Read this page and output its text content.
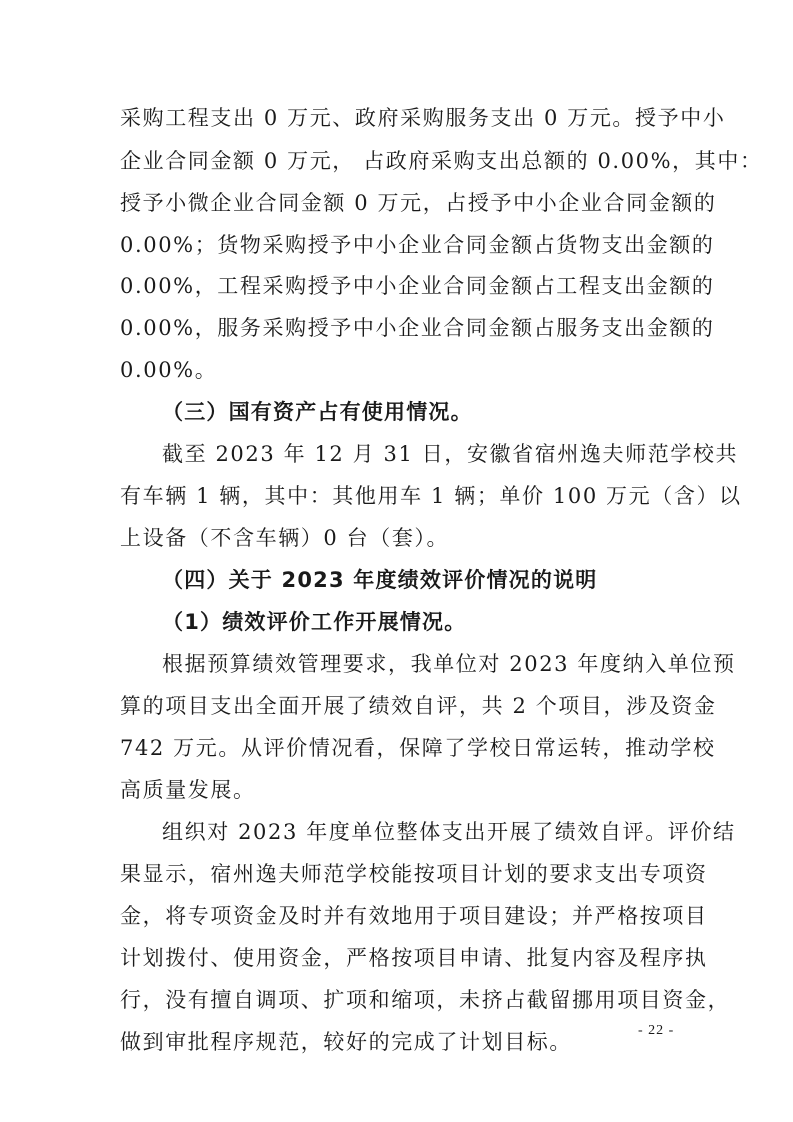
采购工程支出 0 万元、政府采购服务支出 0 万元。授予中小
企业合同金额 0 万元， 占政府采购支出总额的 0.00%，其中：
授予小微企业合同金额 0 万元，占授予中小企业合同金额的
0.00%；货物采购授予中小企业合同金额占货物支出金额的
0.00%，工程采购授予中小企业合同金额占工程支出金额的
0.00%，服务采购授予中小企业合同金额占服务支出金额的
0.00%。
（三）国有资产占有使用情况。
截至 2023 年 12 月 31 日，安徽省宿州逸夫师范学校共
有车辆 1 辆，其中：其他用车 1 辆；单价 100 万元（含）以
上设备（不含车辆）0 台（套）。
（四）关于 2023 年度绩效评价情况的说明
（1）绩效评价工作开展情况。
根据预算绩效管理要求，我单位对 2023 年度纳入单位预
算的项目支出全面开展了绩效自评，共 2 个项目，涉及资金
742 万元。从评价情况看，保障了学校日常运转，推动学校
高质量发展。
组织对 2023 年度单位整体支出开展了绩效自评。评价结
果显示，宿州逸夫师范学校能按项目计划的要求支出专项资
金，将专项资金及时并有效地用于项目建设；并严格按项目
计划拨付、使用资金，严格按项目申请、批复内容及程序执
行，没有擅自调项、扩项和缩项，未挤占截留挪用项目资金，
做到审批程序规范，较好的完成了计划目标。	- 22 -
